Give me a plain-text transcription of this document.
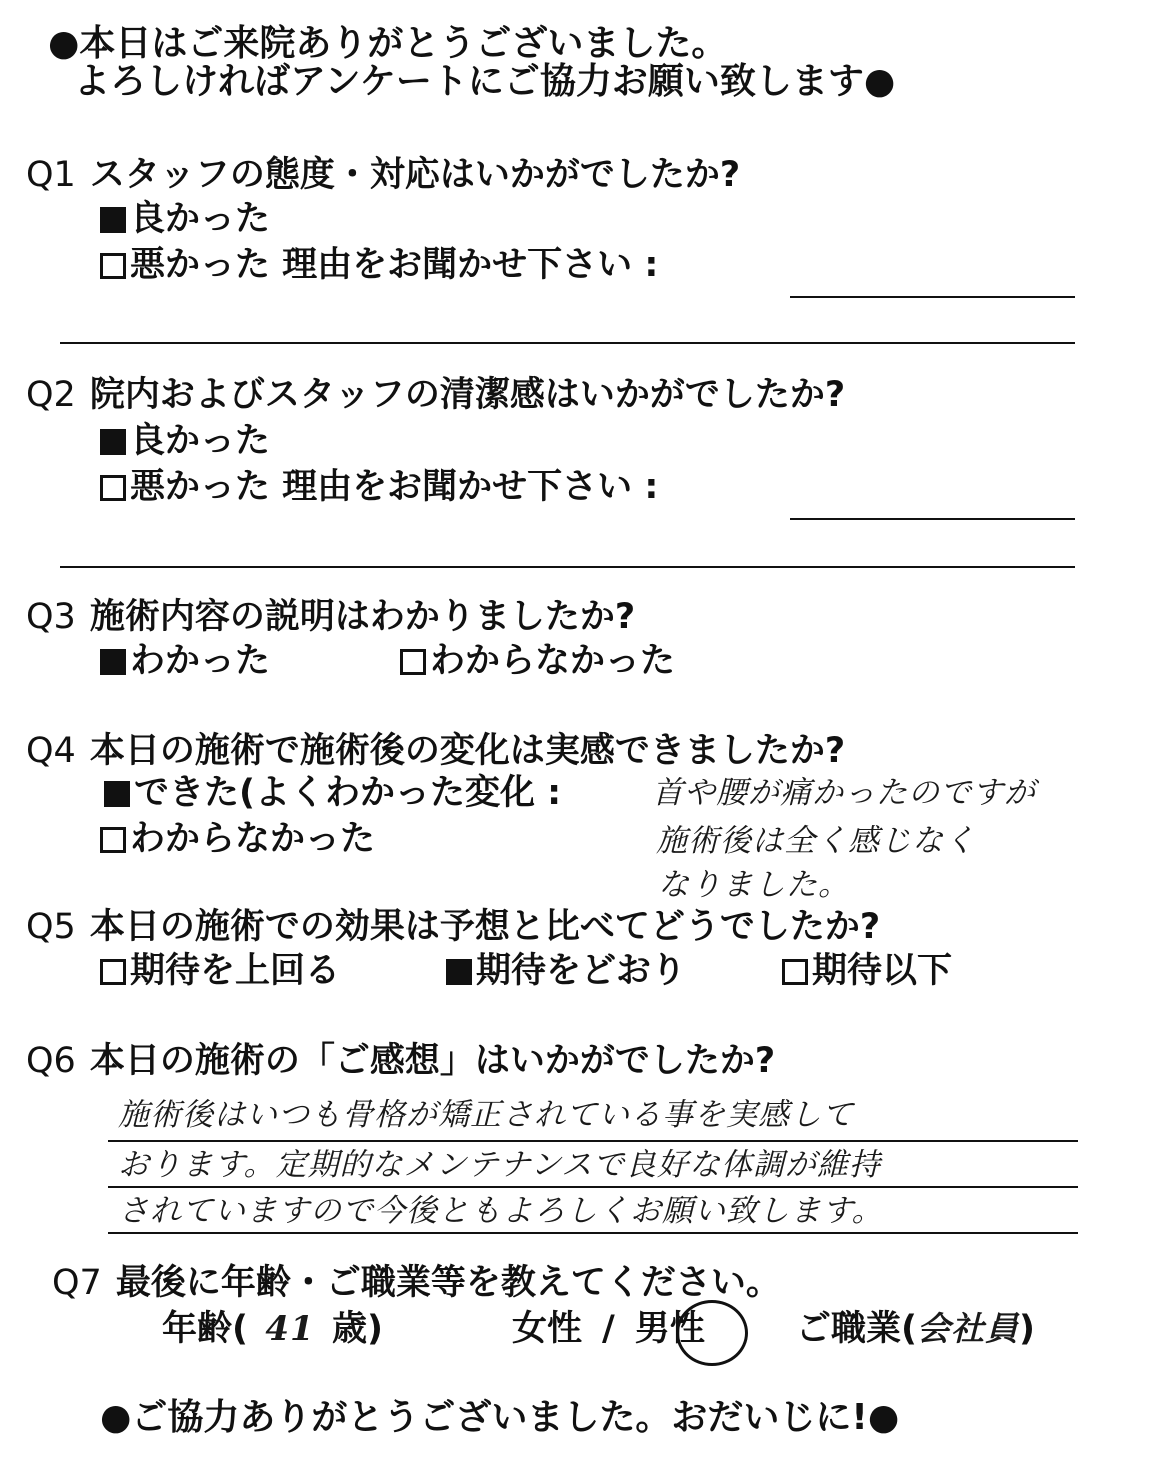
●本日はご来院ありがとうございました。
よろしければアンケートにご協力お願い致します●
Q1 スタッフの態度・対応はいかがでしたか?
良かった
悪かった 理由をお聞かせ下さい :
Q2 院内およびスタッフの清潔感はいかがでしたか?
良かった
悪かった 理由をお聞かせ下さい :
Q3 施術内容の説明はわかりましたか?
わかった	わからなかった
Q4 本日の施術で施術後の変化は実感できましたか?
できた(よくわかった変化 :
わからなかった
首や腰が痛かったのですが
施術後は全く感じなく
なりました。
Q5 本日の施術での効果は予想と比べてどうでしたか?
期待を上回る	期待をどおり	期待以下
Q6 本日の施術の「ご感想」はいかがでしたか?
施術後はいつも骨格が矯正されている事を実感して
おります。定期的なメンテナンスで良好な体調が維持
されていますので今後ともよろしくお願い致します。
Q7 最後に年齢・ご職業等を教えてください。
年齢( 41 歳)	女性 / 男性	ご職業(会社員)
●ご協力ありがとうございました。おだいじに!●
